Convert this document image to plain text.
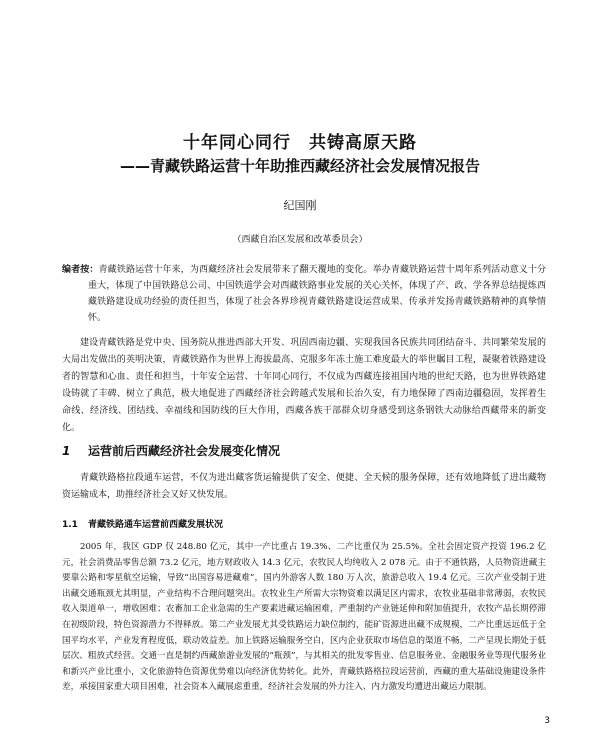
十年同心同行　共铸高原天路
——青藏铁路运营十年助推西藏经济社会发展情况报告
纪国刚
（西藏自治区发展和改革委员会）
编者按：青藏铁路运营十年来，为西藏经济社会发展带来了翻天覆地的变化。举办青藏铁路运营十周年系列活动意义十分重大，体现了中国铁路总公司、中国铁道学会对西藏铁路事业发展的关心关怀，体现了产、政、学各界总结提炼西藏铁路建设成功经验的责任担当，体现了社会各界珍视青藏铁路建设运营成果、传承并发扬青藏铁路精神的真挚情怀。
建设青藏铁路是党中央、国务院从推进西部大开发、巩固西南边疆、实现我国各民族共同团结奋斗、共同繁荣发展的大局出发做出的英明决策，青藏铁路作为世界上海拔最高、克服多年冻土施工难度最大的举世瞩目工程，凝聚着铁路建设者的智慧和心血、责任和担当，十年安全运营、十年同心同行，不仅成为西藏连接祖国内地的世纪天路，也为世界铁路建设铸就了丰碑、树立了典范，极大地促进了西藏经济社会跨越式发展和长治久安，有力地保障了西南边疆稳固，发挥着生命线、经济线、团结线、幸福线和国防线的巨大作用，西藏各族干部群众切身感受到这条钢铁大动脉给西藏带来的新变化。
1 运营前后西藏经济社会发展变化情况
青藏铁路格拉段通车运营，不仅为进出藏客货运输提供了安全、便捷、全天候的服务保障，还有效地降低了进出藏物资运输成本，助推经济社会又好又快发展。
1.1 青藏铁路通车运营前西藏发展状况
2005 年，我区 GDP 仅 248.80 亿元，其中一产比重占 19.3%、二产比重仅为 25.5%。全社会固定资产投资 196.2 亿元，社会消费品零售总额 73.2 亿元，地方财政收入 14.3 亿元，农牧民人均纯收入 2 078 元。由于不通铁路，人员物资进藏主要靠公路和零星航空运输，导致“出国容易进藏难”，国内外游客人数 180 万人次，旅游总收入 19.4 亿元。三次产业受制于进出藏交通瓶颈尤其明显，产业结构不合理问题突出。农牧业生产所需大宗物资难以满足区内需求，农牧业基础非常薄弱，农牧民收入渠道单一，增收困难；农畜加工企业急需的生产要素进藏运输困难，严重制约产业链延伸和附加值提升，农牧产品长期停滞在初级阶段，特色资源潜力不得释放。第二产业发展尤其受铁路运力缺位制约，能矿资源进出藏不成规模，二产比重远远低于全国平均水平，产业发育程度低，联动效益差。加上铁路运输服务空白，区内企业获取市场信息的渠道不畅，二产呈现长期处于低层次、粗放式经营。交通一直是制约西藏旅游业发展的“瓶颈”，与其相关的批发零售业、信息服务业、金融服务业等现代服务业和新兴产业比重小，文化旅游特色资源优势难以向经济优势转化。此外，青藏铁路格拉段运营前，西藏的重大基础设施建设条件差，承接国家重大项目困难，社会资本入藏展虑重重，经济社会发展的外力注入、内力激发均遭进出藏运力限制。
3
